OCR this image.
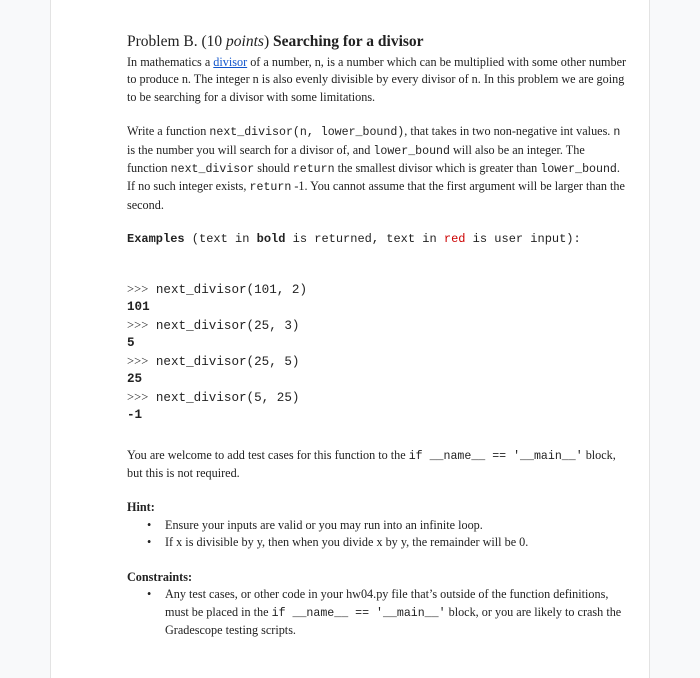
Problem B. (10 points) Searching for a divisor

In mathematics a divisor of a number, n, is a number which can be multiplied with some other number to produce n. The integer n is also evenly divisible by every divisor of n. In this problem we are going to be searching for a divisor with some limitations.

Write a function next_divisor(n, lower_bound), that takes in two non-negative int values. n is the number you will search for a divisor of, and lower_bound will also be an integer. The function next_divisor should return the smallest divisor which is greater than lower_bound. If no such integer exists, return -1. You cannot assume that the first argument will be larger than the second.

Examples (text in bold is returned, text in red is user input):

>>> next_divisor(101, 2)
101
>>> next_divisor(25, 3)
5
>>> next_divisor(25, 5)
25
>>> next_divisor(5, 25)
-1

You are welcome to add test cases for this function to the if __name__ == '__main__' block, but this is not required.

Hint:
• Ensure your inputs are valid or you may run into an infinite loop.
• If x is divisible by y, then when you divide x by y, the remainder will be 0.
Constraints:
• Any test cases, or other code in your hw04.py file that’s outside of the function definitions, must be placed in the if __name__ == '__main__' block, or you are likely to crash the Gradescope testing scripts.
